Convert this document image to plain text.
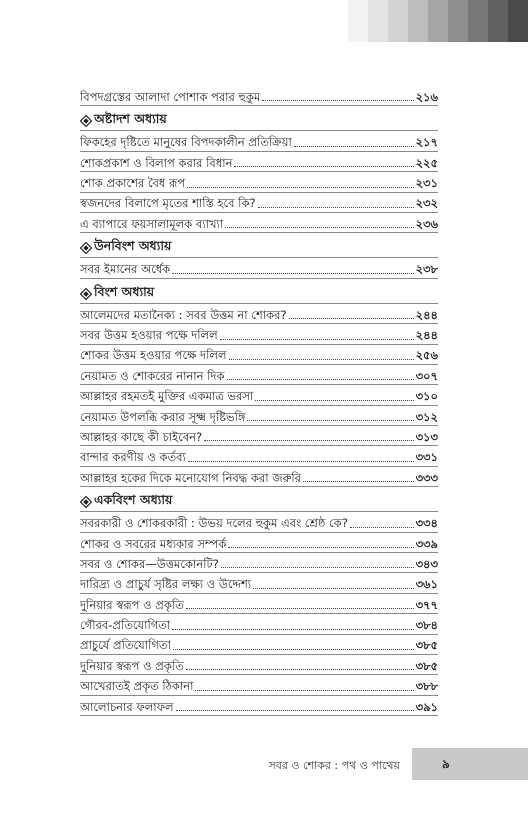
বিপদগ্রস্তের আলাদা পোশাক পরার হুকুম	২১৬
অষ্টাদশ অধ্যায়
ফিকহের দৃষ্টিতে মানুষের বিপদকালীন প্রতিক্রিয়া	২১৭
শোকপ্রকাশ ও বিলাপ করার বিধান	২২৫
শোক প্রকাশের বৈধ রূপ	২৩১
স্বজনদের বিলাপে মৃতের শাস্তি হবে কি?	২৩২
এ ব্যাপারে ফয়সালামূলক ব্যাখ্যা	২৩৬
উনবিংশ অধ্যায়
সবর ইমানের অর্ধেক	২৩৮
বিংশ অধ্যায়
আলেমদের মতানৈক্য : সবর উত্তম না শোকর?	২৪৪
সবর উত্তম হওয়ার পক্ষে দলিল	২৪৪
শোকর উত্তম হওয়ার পক্ষে দলিল	২৫৬
নেয়ামত ও শোকরের নানান দিক	৩০৭
আল্লাহর রহমতই মুক্তির একমাত্র ভরসা	৩১০
নেয়ামত উপলব্ধি করার সূক্ষ্ম দৃষ্টিভঙ্গি	৩১২
আল্লাহর কাছে কী চাইবেন?	৩১৩
বান্দার করণীয় ও কর্তব্য	৩৩১
আল্লাহর হকের দিকে মনোযোগ নিবদ্ধ করা জরুরি	৩৩৩
একবিংশ অধ্যায়
সবরকারী ও শোকরকারী : উভয় দলের হুকুম এবং শ্রেষ্ঠ কে?	৩৩৪
শোকর ও সবরের মধ্যকার সম্পর্ক	৩৩৯
সবর ও শোকর—উত্তমকোনটি?	৩৪৩
দারিদ্র্য ও প্রাচুর্য সৃষ্টির লক্ষ্য ও উদ্দেশ্য	৩৬১
দুনিয়ার স্বরূপ ও প্রকৃতি	৩৭৭
গৌরব-প্রতিযোগিতা	৩৮৪
প্রাচুর্যে প্রতিযোগিতা	৩৮৫
দুনিয়ার স্বরূপ ও প্রকৃতি	৩৮৫
আখেরাতই প্রকৃত ঠিকানা	৩৮৮
আলোচনার ফলাফল	৩৯১
সবর ও শোকর : পথ ও পাথেয়	৯
